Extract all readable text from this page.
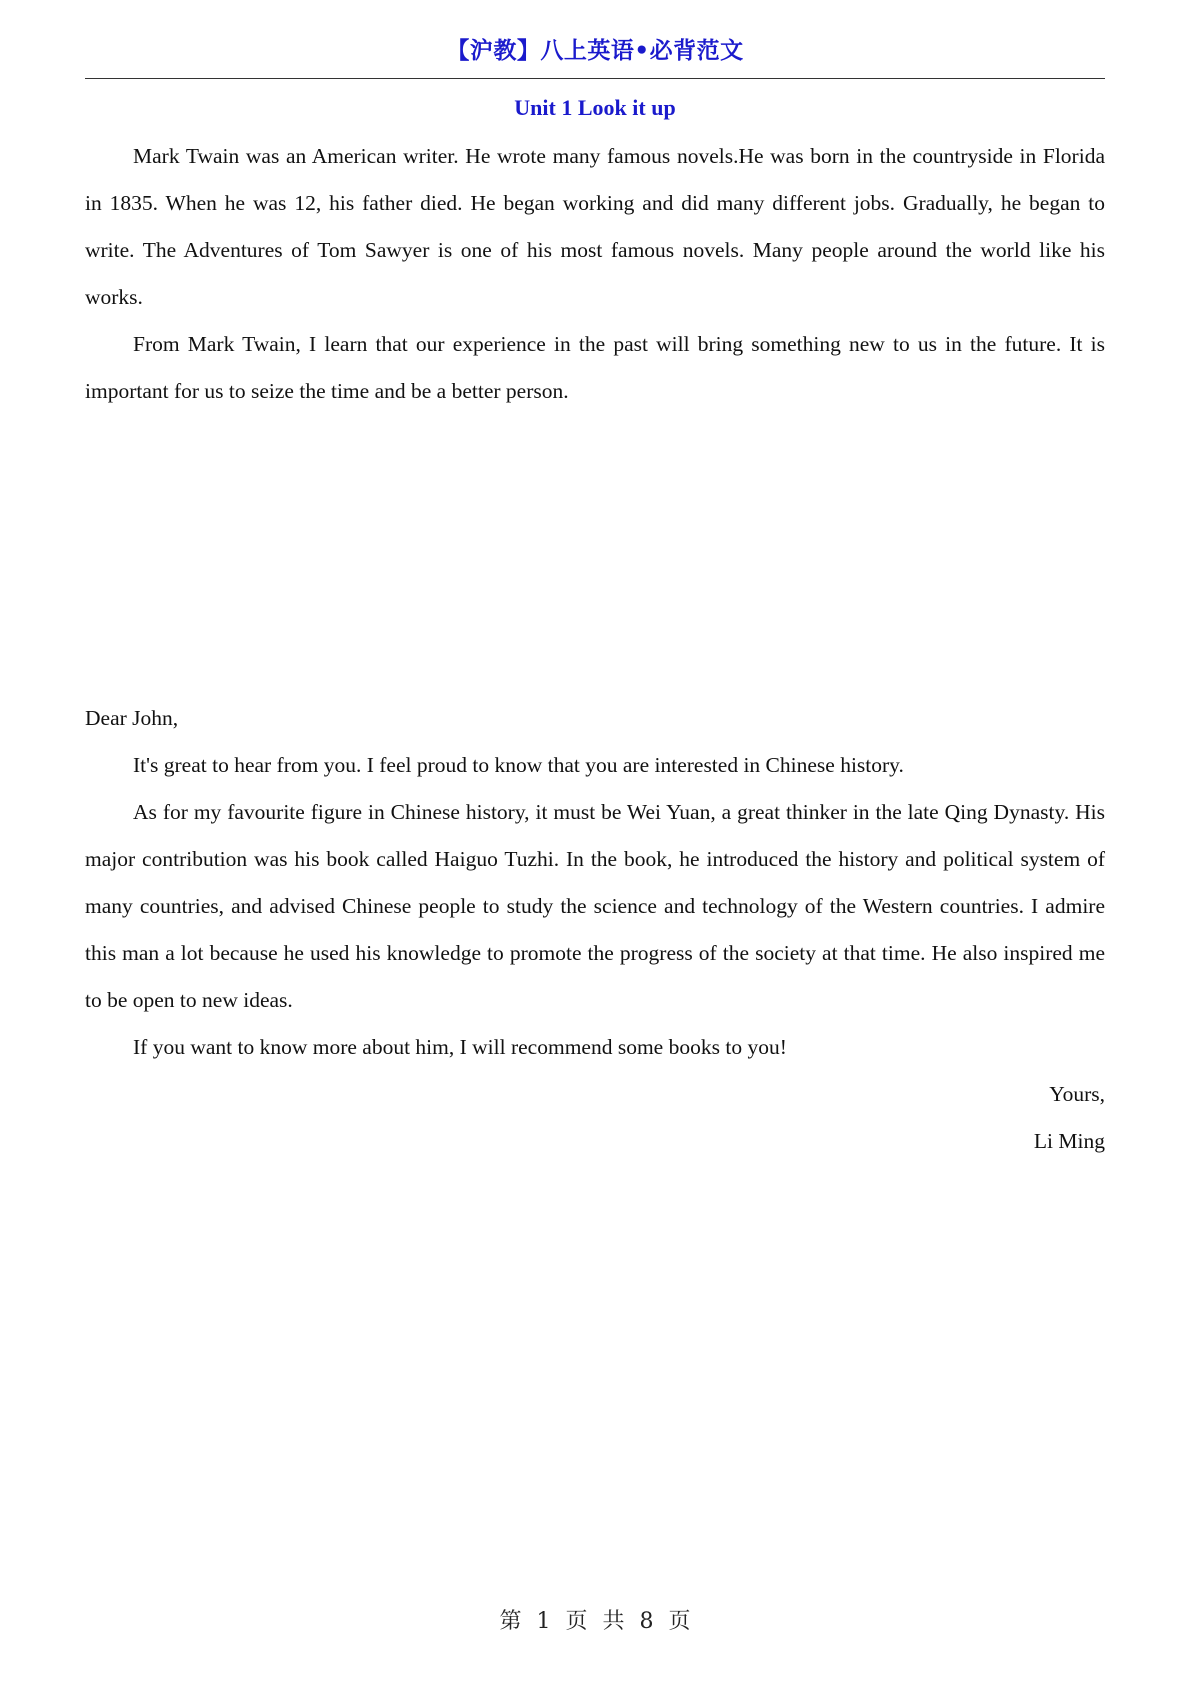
【沪教】八上英语•必背范文
Unit 1 Look it up

Mark Twain was an American writer. He wrote many famous novels.He was born in the countryside in Florida in 1835. When he was 12, his father died. He began working and did many different jobs. Gradually, he began to write. The Adventures of Tom Sawyer is one of his most famous novels. Many people around the world like his works.

From Mark Twain, I learn that our experience in the past will bring something new to us in the future. It is important for us to seize the time and be a better person.

Dear John,

It's great to hear from you. I feel proud to know that you are interested in Chinese history.

As for my favourite figure in Chinese history, it must be Wei Yuan, a great thinker in the late Qing Dynasty. His major contribution was his book called Haiguo Tuzhi. In the book, he introduced the history and political system of many countries, and advised Chinese people to study the science and technology of the Western countries. I admire this man a lot because he used his knowledge to promote the progress of the society at that time. He also inspired me to be open to new ideas.

If you want to know more about him, I will recommend some books to you!

Yours,

Li Ming

第 1 页 共 8 页
